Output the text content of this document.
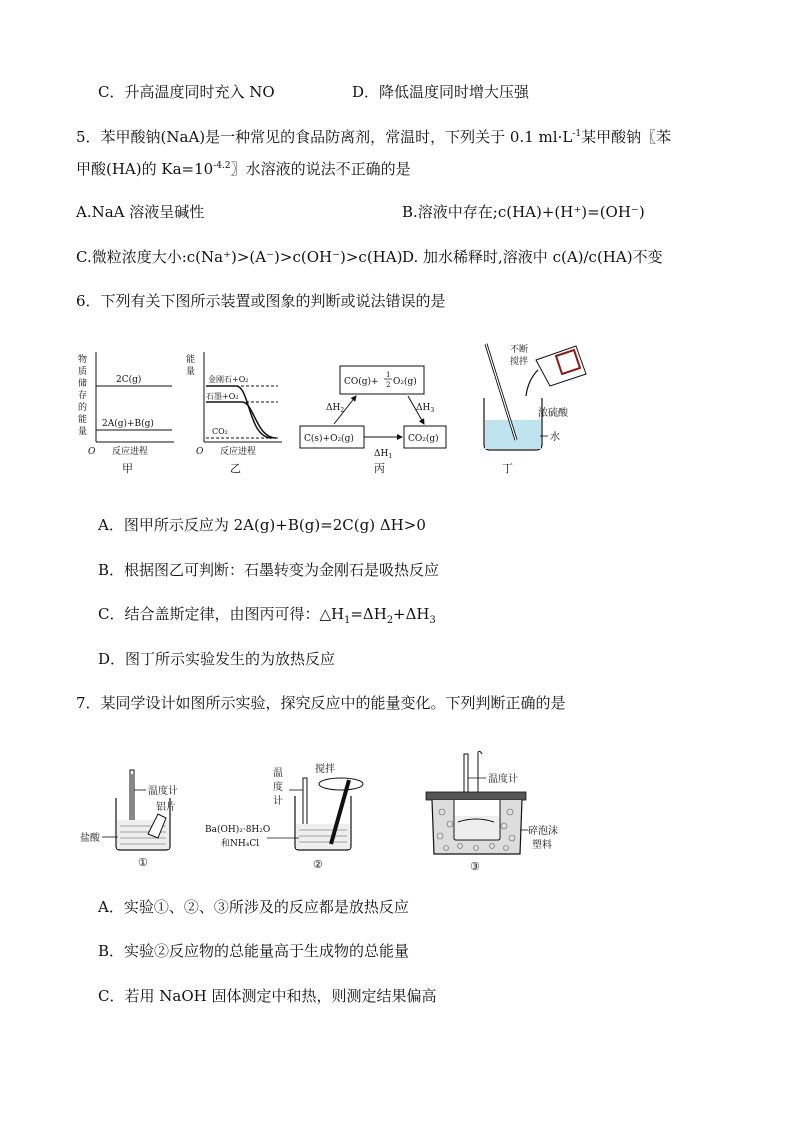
C．升高温度同时充入 NO	D．降低温度同时增大压强
5．苯甲酸钠(NaA)是一种常见的食品防离剂，常温时，下列关于 0.1 $ml\cdot L^{-1}$某甲酸钠〖苯
甲酸(HA)的 $Ka=10^{-4.2}$〗水溶液的说法不正确的是
A.NaA 溶液呈碱性	B.溶液中存在;c(HA)+(H⁺)=(OH⁻)
C.微粒浓度大小:c(Na⁺)>(A⁻)>c(OH⁻)>c(HA) D. 加水稀释时,溶液中 c(A)/c(HA)不变
6．下列有关下图所示装置或图象的判断或说法错误的是
物
质
储
存
的
能
量
2C(g)
2A(g)+B(g)
O 反应进程
甲
能
量
金刚石+O₂
石墨+O₂
CO₂
O 反应进程
乙
CO(g)+
1
2 O₂(g)
C(s)+O₂(g)	CO₂(g)
$\Delta H_2$	$\Delta H_3$
$\Delta H_1$
丙
不断
搅拌
浓硫酸
水
丁
A．图甲所示反应为 2A(g)+B(g)=2C(g) ΔH>0
B．根据图乙可判断：石墨转变为金刚石是吸热反应
C．结合盖斯定律，由图丙可得：$\triangle H_1=\Delta H_2+\Delta H_3$
D．图丁所示实验发生的为放热反应
7．某同学设计如图所示实验，探究反应中的能量变化。下列判断正确的是
温度计
铝片
盐酸
①
温
度
计
搅拌
Ba(OH)₂·8H₂O
和NH₄Cl
②
温度计
碎泡沫
塑料
③
A．实验①、②、③所涉及的反应都是放热反应
B．实验②反应物的总能量高于生成物的总能量
C．若用 NaOH 固体测定中和热，则测定结果偏高
